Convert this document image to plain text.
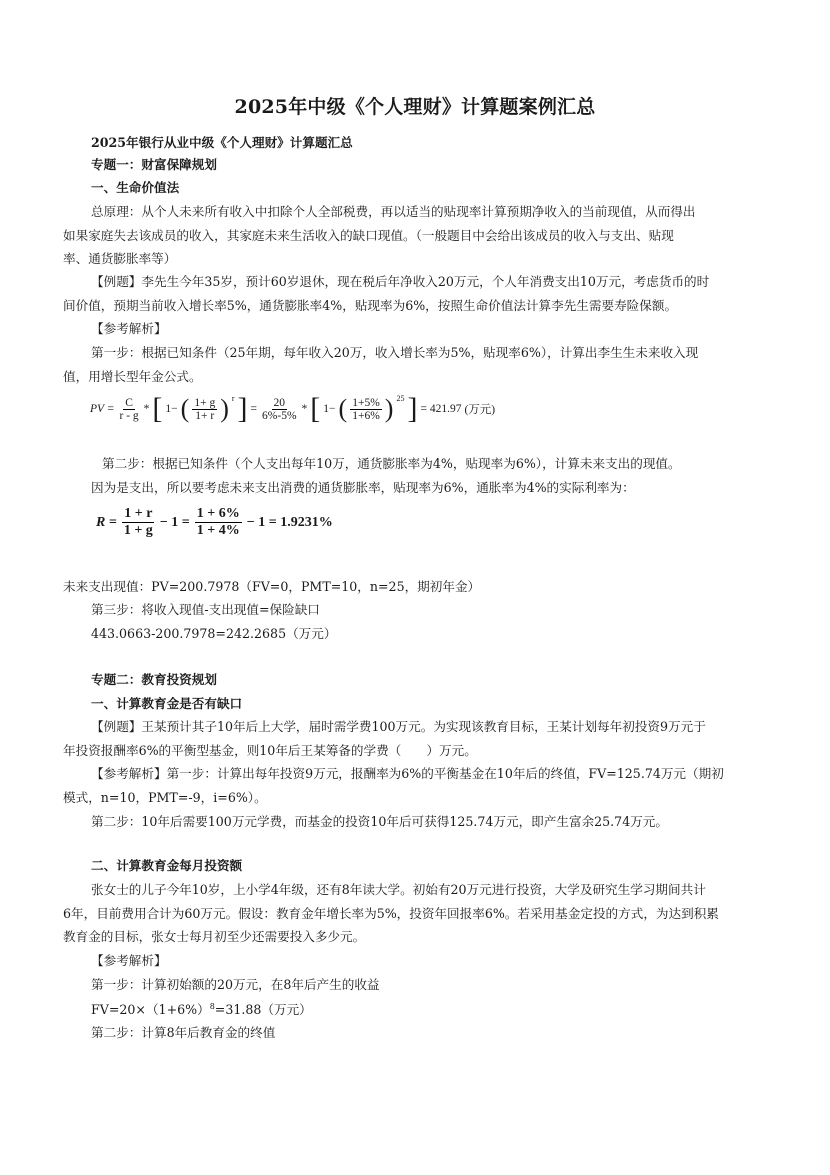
2025年中级《个人理财》计算题案例汇总
2025年银行从业中级《个人理财》计算题汇总
专题一：财富保障规划
一、生命价值法
总原理：从个人未来所有收入中扣除个人全部税费，再以适当的贴现率计算预期净收入的当前现值，从而得出
如果家庭失去该成员的收入，其家庭未来生活收入的缺口现值。（一般题目中会给出该成员的收入与支出、贴现
率、通货膨胀率等）
【例题】李先生今年35岁，预计60岁退休，现在税后年净收入20万元，个人年消费支出10万元，考虑货币的时
间价值，预期当前收入增长率5%，通货膨胀率4%，贴现率为6%，按照生命价值法计算李先生需要寿险保额。
【参考解析】
第一步：根据已知条件（25年期，每年收入20万，收入增长率为5%，贴现率6%），计算出李生生未来收入现
值，用增长型年金公式。
PV = $\frac{C}{r - g}$ * [ 1− ( $\frac{1+ g}{1+ r}$ ) r ] = $\frac{20}{6\%-5\%}$ * [ 1− ( $\frac{1+5\%}{1+6\%}$ ) 25 ] = 421.97 (万元)
第二步：根据已知条件（个人支出每年10万，通货膨胀率为4%，贴现率为6%），计算未来支出的现值。
因为是支出，所以要考虑未来支出消费的通货膨胀率，贴现率为6%，通胀率为4%的实际利率为：
$R = \frac{1 + r}{1 + g} - 1 = \frac{1 + 6\%}{1 + 4\%} - 1 = 1.9231\%$
未来支出现值：PV=200.7978（FV=0，PMT=10，n=25，期初年金）
第三步：将收入现值-支出现值=保险缺口
443.0663-200.7978=242.2685（万元）
专题二：教育投资规划
一、计算教育金是否有缺口
【例题】王某预计其子10年后上大学，届时需学费100万元。为实现该教育目标，王某计划每年初投资9万元于
年投资报酬率6%的平衡型基金，则10年后王某筹备的学费（　　）万元。
【参考解析】第一步：计算出每年投资9万元，报酬率为6%的平衡基金在10年后的终值，FV=125.74万元（期初
模式，n=10，PMT=-9，i=6%）。
第二步：10年后需要100万元学费，而基金的投资10年后可获得125.74万元，即产生富余25.74万元。
二、计算教育金每月投资额
张女士的儿子今年10岁，上小学4年级，还有8年读大学。初始有20万元进行投资，大学及研究生学习期间共计
6年，目前费用合计为60万元。假设：教育金年增长率为5%，投资年回报率6%。若采用基金定投的方式，为达到积累
教育金的目标，张女士每月初至少还需要投入多少元。
【参考解析】
第一步：计算初始额的20万元，在8年后产生的收益
$FV=20\times(1+6\%)^8=31.88$（万元）
第二步：计算8年后教育金的终值
